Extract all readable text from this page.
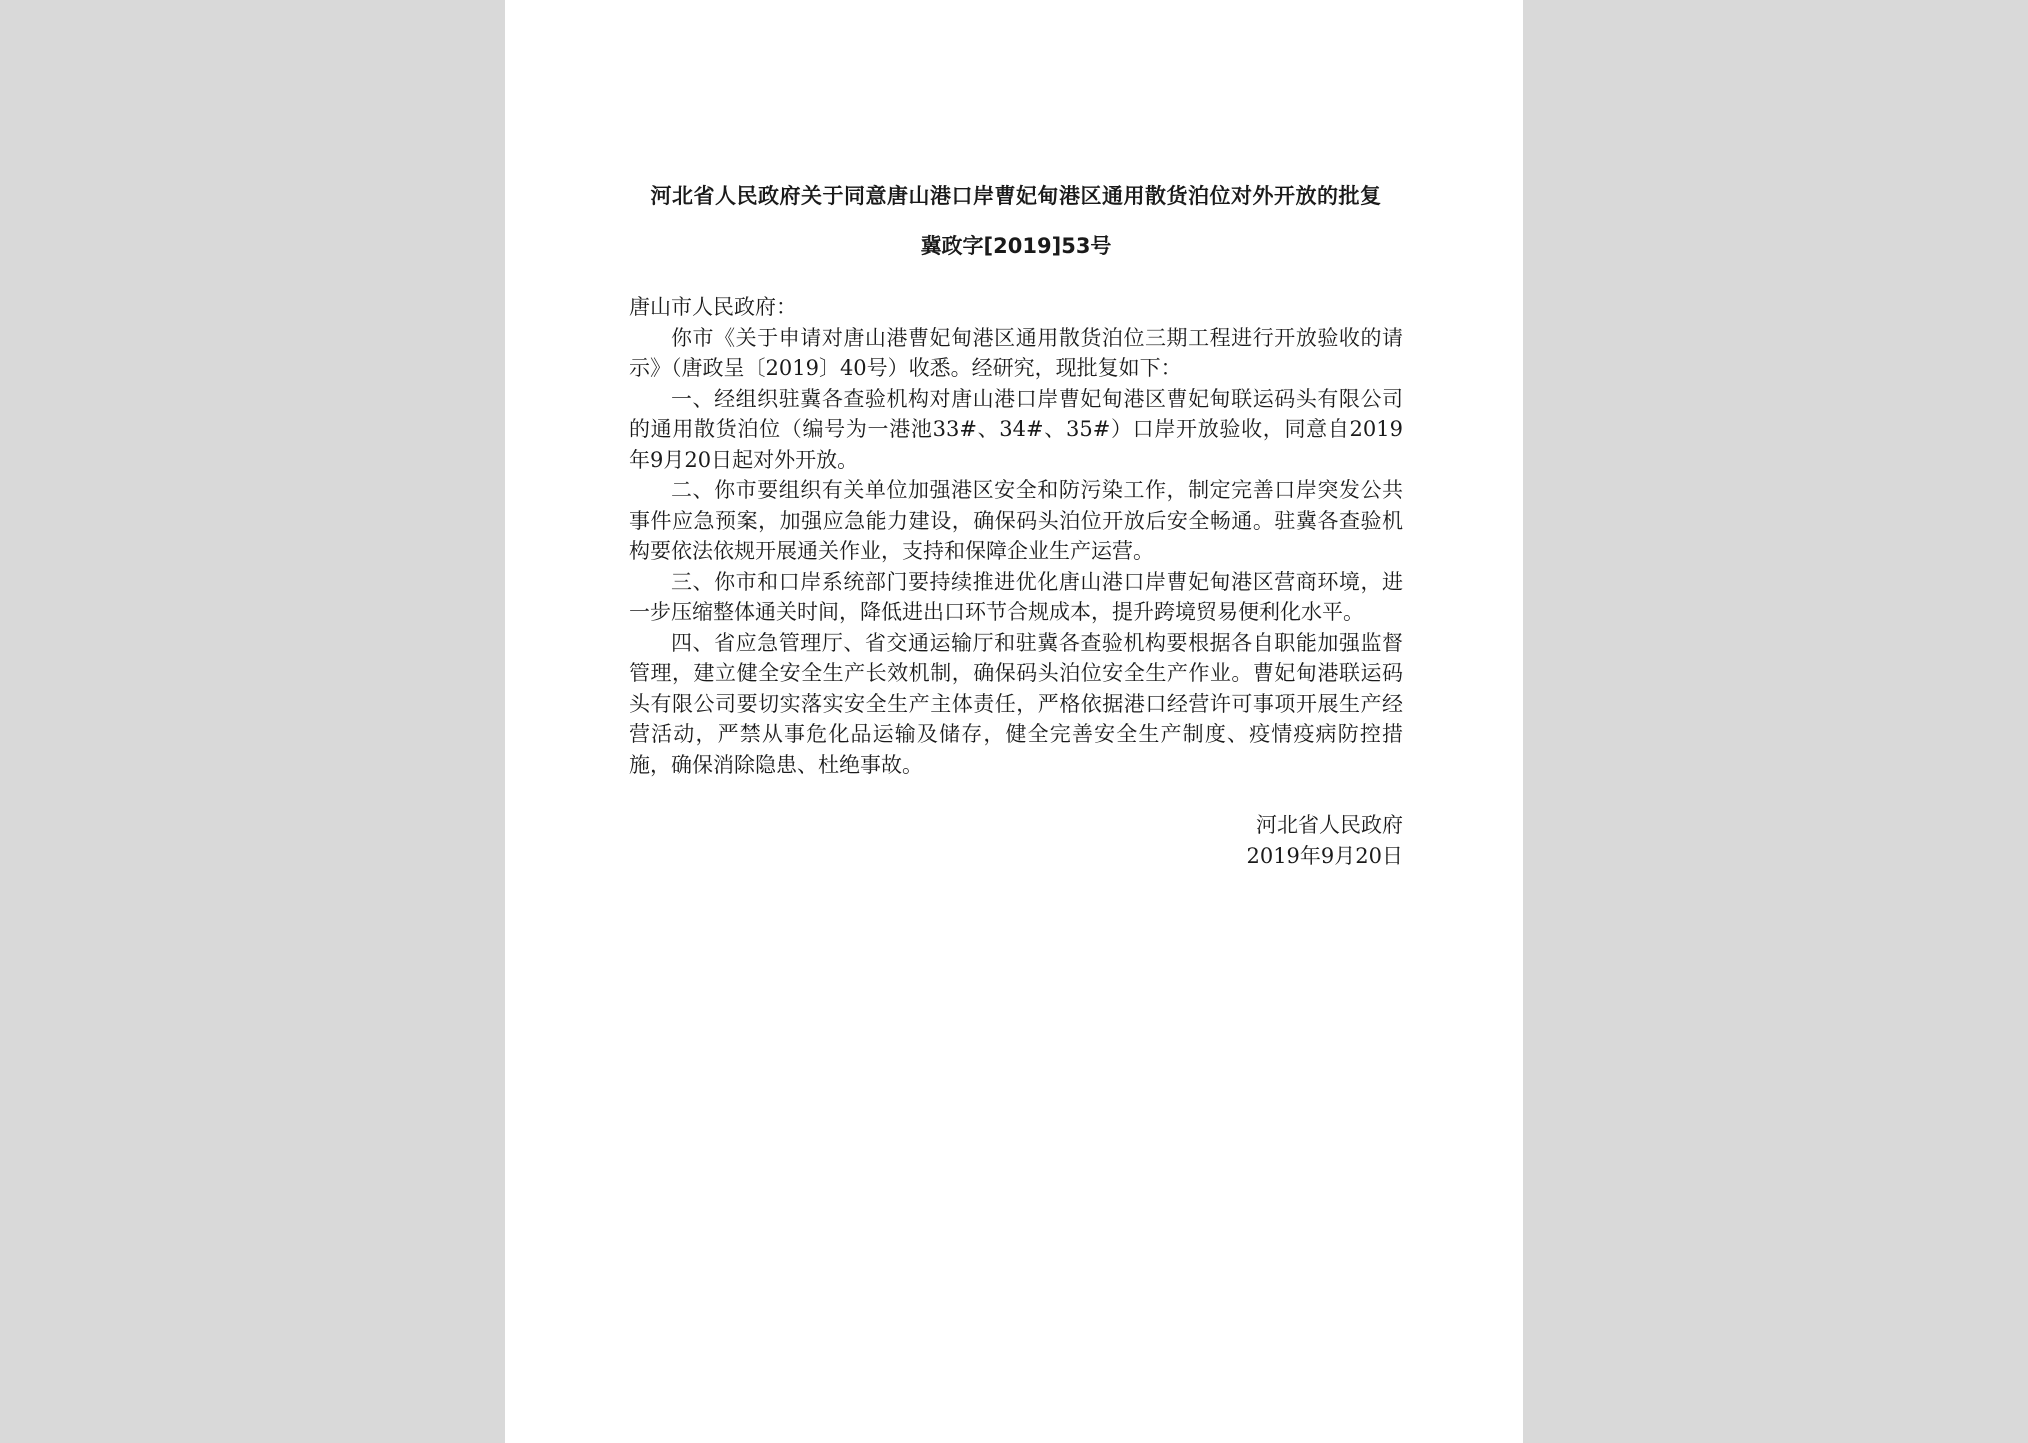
河北省人民政府关于同意唐山港口岸曹妃甸港区通用散货泊位对外开放的批复
冀政字[2019]53号

唐山市人民政府：

你市《关于申请对唐山港曹妃甸港区通用散货泊位三期工程进行开放验收的请示》（唐政呈〔2019〕40号）收悉。经研究，现批复如下：

一、经组织驻冀各查验机构对唐山港口岸曹妃甸港区曹妃甸联运码头有限公司的通用散货泊位（编号为一港池33#、34#、35#）口岸开放验收，同意自2019年9月20日起对外开放。

二、你市要组织有关单位加强港区安全和防污染工作，制定完善口岸突发公共事件应急预案，加强应急能力建设，确保码头泊位开放后安全畅通。驻冀各查验机构要依法依规开展通关作业，支持和保障企业生产运营。

三、你市和口岸系统部门要持续推进优化唐山港口岸曹妃甸港区营商环境，进一步压缩整体通关时间，降低进出口环节合规成本，提升跨境贸易便利化水平。

四、省应急管理厅、省交通运输厅和驻冀各查验机构要根据各自职能加强监督管理，建立健全安全生产长效机制，确保码头泊位安全生产作业。曹妃甸港联运码头有限公司要切实落实安全生产主体责任，严格依据港口经营许可事项开展生产经营活动，严禁从事危化品运输及储存，健全完善安全生产制度、疫情疫病防控措施，确保消除隐患、杜绝事故。

河北省人民政府
2019年9月20日
